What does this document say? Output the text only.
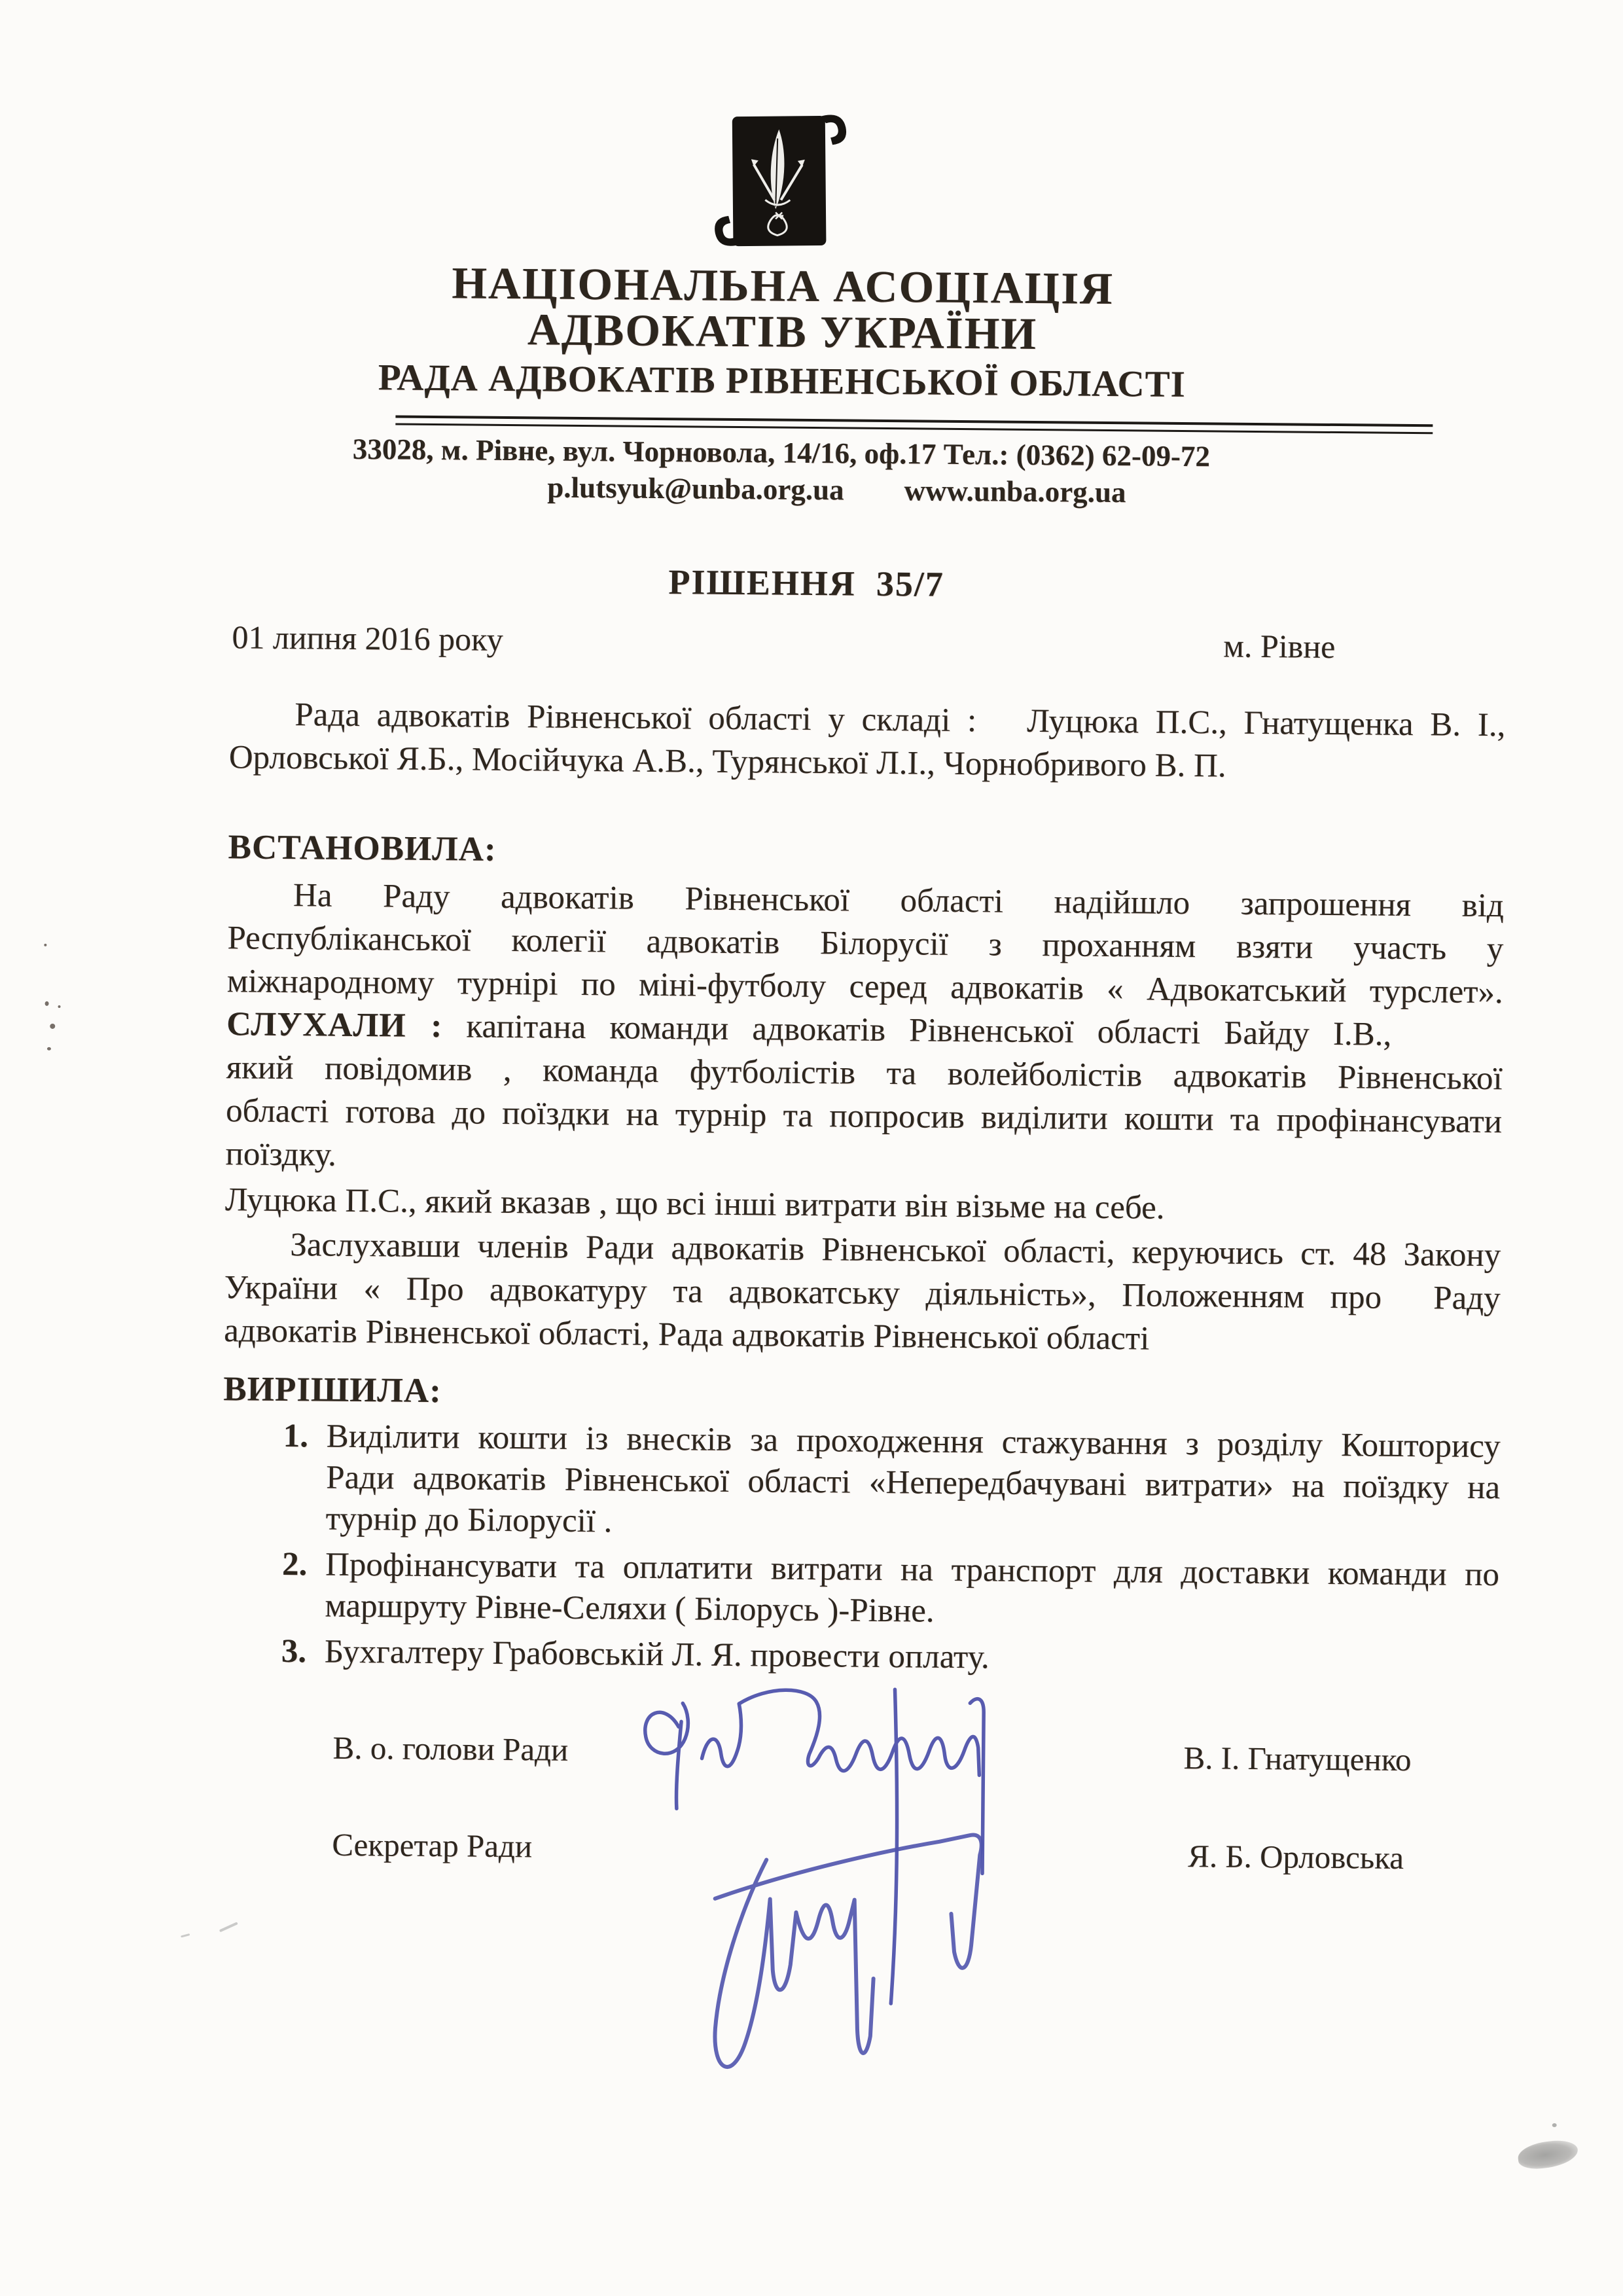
НАЦІОНАЛЬНА АСОЦІАЦІЯ
АДВОКАТІВ УКРАЇНИ
РАДА АДВОКАТІВ РІВНЕНСЬКОЇ ОБЛАСТІ
33028, м. Рівне, вул. Чорновола, 14/16, оф.17 Тел.: (0362) 62-09-72
p.lutsyuk@unba.org.ua www.unba.org.ua
РІШЕННЯ  35/7
01 липня 2016 року	м. Рівне
Рада адвокатів Рівненської області у складі :   Луцюка П.С., Гнатущенка В. І.,
Орловської Я.Б., Мосійчука А.В., Турянської Л.І., Чорнобривого В. П.
ВСТАНОВИЛА:
На Раду адвокатів Рівненської області надійшло запрошення від
Республіканської колегії адвокатів Білорусії з проханням взяти участь у
міжнародному турнірі по міні-футболу серед адвокатів « Адвокатський турслет».
СЛУХАЛИ : капітана команди адвокатів Рівненської області Байду І.В.,
який повідомив , команда футболістів та волейболістів адвокатів Рівненської
області готова до поїздки на турнір та попросив виділити кошти та профінансувати
поїздку.
Луцюка П.С., який вказав , що всі інші витрати він візьме на себе.
Заслухавши членів Ради адвокатів Рівненської області, керуючись ст. 48 Закону
України « Про адвокатуру та адвокатську діяльність», Положенням про  Раду
адвокатів Рівненської області, Рада адвокатів Рівненської області
ВИРІШИЛА:
1. Виділити кошти із внесків за проходження стажування з розділу Кошторису
Ради адвокатів Рівненської області «Непередбачувані витрати» на поїздку на
турнір до Білорусії .
2. Профінансувати та оплатити витрати на транспорт для доставки команди по
маршруту Рівне-Селяхи ( Білорусь )-Рівне.
3. Бухгалтеру Грабовській Л. Я. провести оплату.
В. о. голови Ради	В. І. Гнатущенко
Секретар Ради	Я. Б. Орловська
